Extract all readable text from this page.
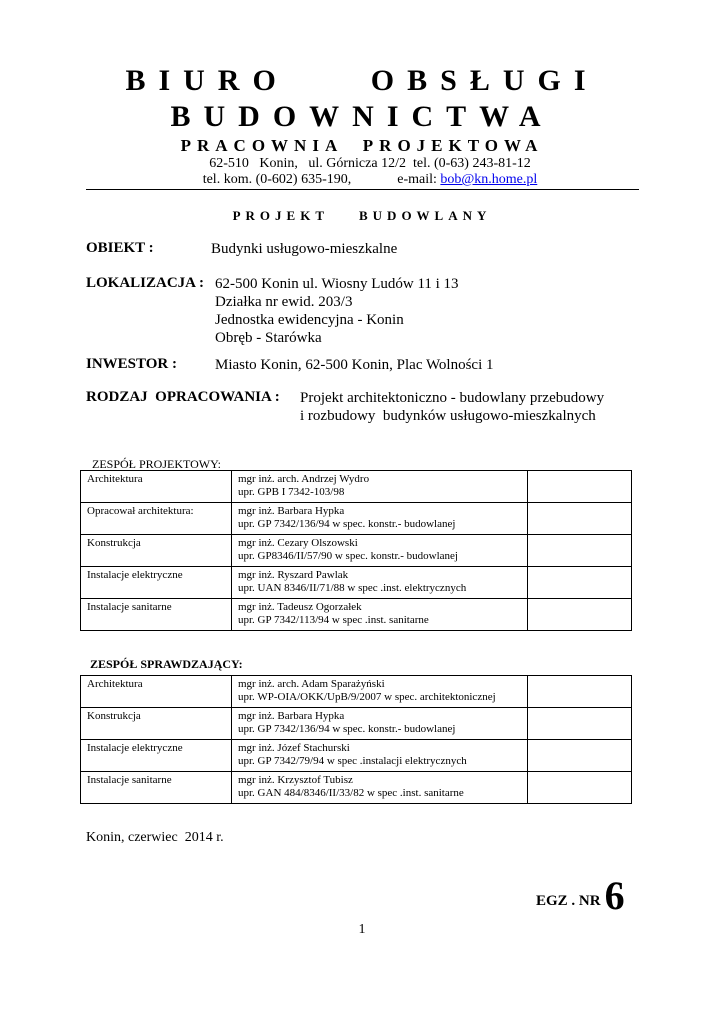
BIURO    OBSŁUGI
BUDOWNICTWA
PRACOWNIA  PROJEKTOWA
62-510   Konin,   ul. Górnicza 12/2  tel. (0-63) 243-81-12
tel. kom. (0-602) 635-190,	e-mail: bob@kn.home.pl
PROJEKT BUDOWLANY
OBIEKT :	Budynki usługowo-mieszkalne
LOKALIZACJA : 62-500 Konin ul. Wiosny Ludów 11 i 13
Działka nr ewid. 203/3
Jednostka ewidencyjna - Konin
Obręb - Starówka
INWESTOR :	Miasto Konin, 62-500 Konin, Plac Wolności 1
RODZAJ  OPRACOWANIA : Projekt architektoniczno - budowlany przebudowy
i rozbudowy  budynków usługowo-mieszkalnych
ZESPÓŁ PROJEKTOWY:
Architektura	mgr inż. arch. Andrzej Wydro
upr. GPB I 7342-103/98	

Opracował architektura:	mgr inż. Barbara Hypka
upr. GP 7342/136/94 w spec. konstr.- budowlanej	

Konstrukcja	mgr inż. Cezary Olszowski
upr. GP8346/II/57/90 w spec. konstr.- budowlanej	

Instalacje elektryczne	mgr inż. Ryszard Pawlak
upr. UAN 8346/II/71/88 w spec .inst. elektrycznych	

Instalacje sanitarne	mgr inż. Tadeusz Ogorzałek
upr. GP 7342/113/94 w spec .inst. sanitarne	

ZESPÓŁ SPRAWDZAJĄCY:
Architektura	mgr inż. arch. Adam Sparażyński
upr. WP-OIA/OKK/UpB/9/2007 w spec. architektonicznej	

Konstrukcja	mgr inż. Barbara Hypka
upr. GP 7342/136/94 w spec. konstr.- budowlanej	

Instalacje elektryczne	mgr inż. Józef Stachurski
upr. GP 7342/79/94 w spec .instalacji elektrycznych	

Instalacje sanitarne	mgr inż. Krzysztof Tubisz
upr. GAN 484/8346/II/33/82 w spec .inst. sanitarne	

Konin, czerwiec  2014 r.
EGZ . NR 6
1
